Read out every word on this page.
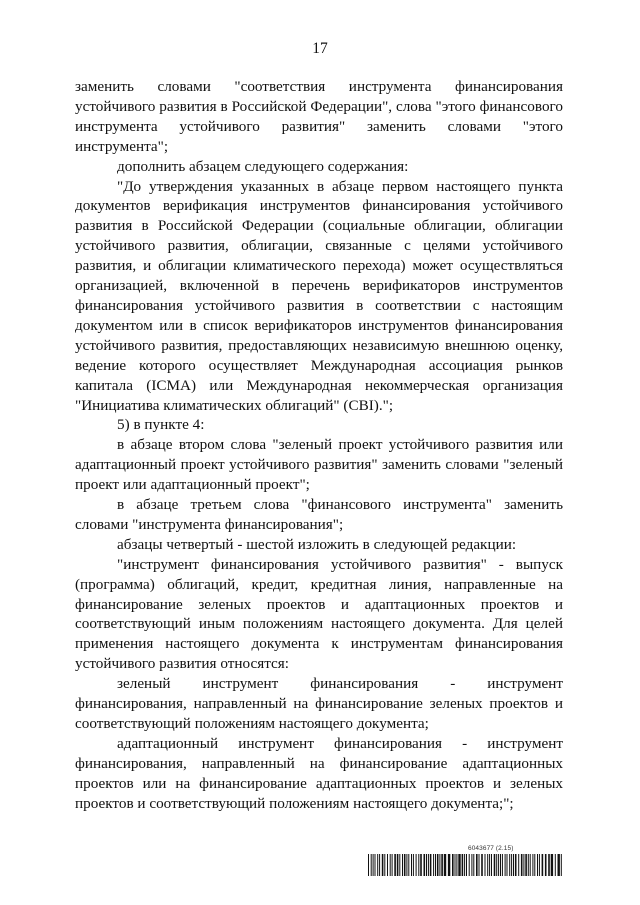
17

заменить словами "соответствия инструмента финансирования устойчивого развития в Российской Федерации", слова "этого финансового инструмента устойчивого развития" заменить словами "этого инструмента";

дополнить абзацем следующего содержания:

"До утверждения указанных в абзаце первом настоящего пункта документов верификация инструментов финансирования устойчивого развития в Российской Федерации (социальные облигации, облигации устойчивого развития, облигации, связанные с целями устойчивого развития, и облигации климатического перехода) может осуществляться организацией, включенной в перечень верификаторов инструментов финансирования устойчивого развития в соответствии с настоящим документом или в список верификаторов инструментов финансирования устойчивого развития, предоставляющих независимую внешнюю оценку, ведение которого осуществляет Международная ассоциация рынков капитала (ICMA) или Международная некоммерческая организация "Инициатива климатических облигаций" (CBI).";

5) в пункте 4:

в абзаце втором слова "зеленый проект устойчивого развития или адаптационный проект устойчивого развития" заменить словами "зеленый проект или адаптационный проект";

в абзаце третьем слова "финансового инструмента" заменить словами "инструмента финансирования";

абзацы четвертый - шестой изложить в следующей редакции:

"инструмент финансирования устойчивого развития" - выпуск (программа) облигаций, кредит, кредитная линия, направленные на финансирование зеленых проектов и адаптационных проектов и соответствующий иным положениям настоящего документа. Для целей применения настоящего документа к инструментам финансирования устойчивого развития относятся:

зеленый инструмент финансирования - инструмент финансирования, направленный на финансирование зеленых проектов и соответствующий положениям настоящего документа;

адаптационный инструмент финансирования - инструмент финансирования, направленный на финансирование адаптационных проектов или на финансирование адаптационных проектов и зеленых проектов и соответствующий положениям настоящего документа;";

6043677 (2.15)
